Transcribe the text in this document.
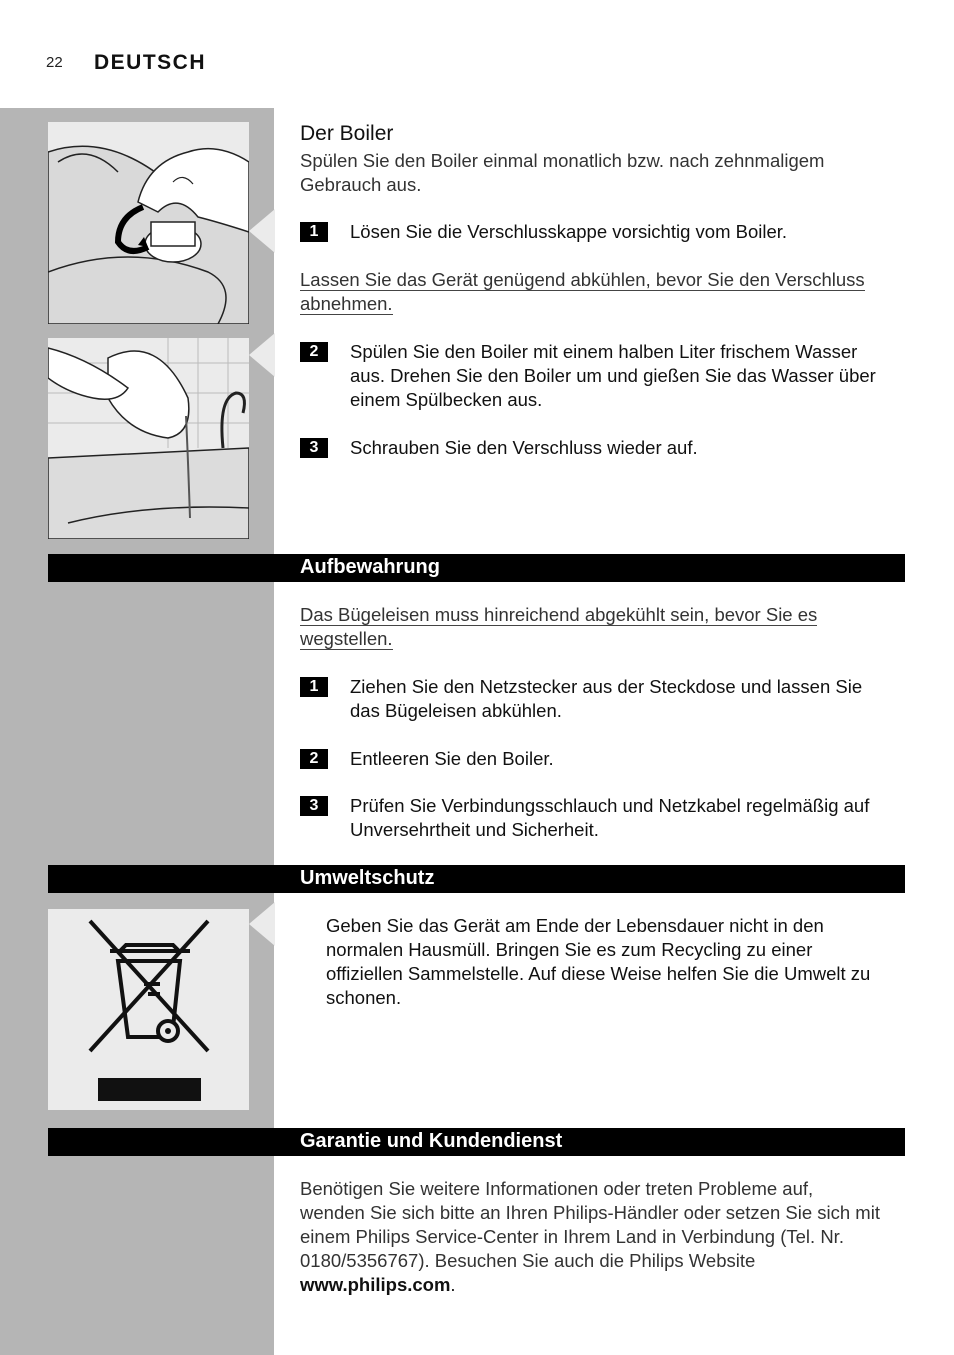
22 DEUTSCH
Der Boiler
Spülen Sie den Boiler einmal monatlich bzw. nach zehnmaligem
Gebrauch aus.
1	Lösen Sie die Verschlusskappe vorsichtig vom Boiler.
Lassen Sie das Gerät genügend abkühlen, bevor Sie den Verschluss
abnehmen.
2	Spülen Sie den Boiler mit einem halben Liter frischem Wasser
aus. Drehen Sie den Boiler um und gießen Sie das Wasser über
einem Spülbecken aus.
3	Schrauben Sie den Verschluss wieder auf.
Aufbewahrung
Das Bügeleisen muss hinreichend abgekühlt sein, bevor Sie es
wegstellen.
1	Ziehen Sie den Netzstecker aus der Steckdose und lassen Sie
das Bügeleisen abkühlen.
2	Entleeren Sie den Boiler.
3	Prüfen Sie Verbindungsschlauch und Netzkabel regelmäßig auf
Unversehrtheit und Sicherheit.
Umweltschutz
Geben Sie das Gerät am Ende der Lebensdauer nicht in den
normalen Hausmüll. Bringen Sie es zum Recycling zu einer
offiziellen Sammelstelle. Auf diese Weise helfen Sie die Umwelt zu
schonen.
Garantie und Kundendienst
Benötigen Sie weitere Informationen oder treten Probleme auf,
wenden Sie sich bitte an Ihren Philips-Händler oder setzen Sie sich mit
einem Philips Service-Center in Ihrem Land in Verbindung (Tel. Nr.
0180/5356767). Besuchen Sie auch die Philips Website
www.philips.com.
